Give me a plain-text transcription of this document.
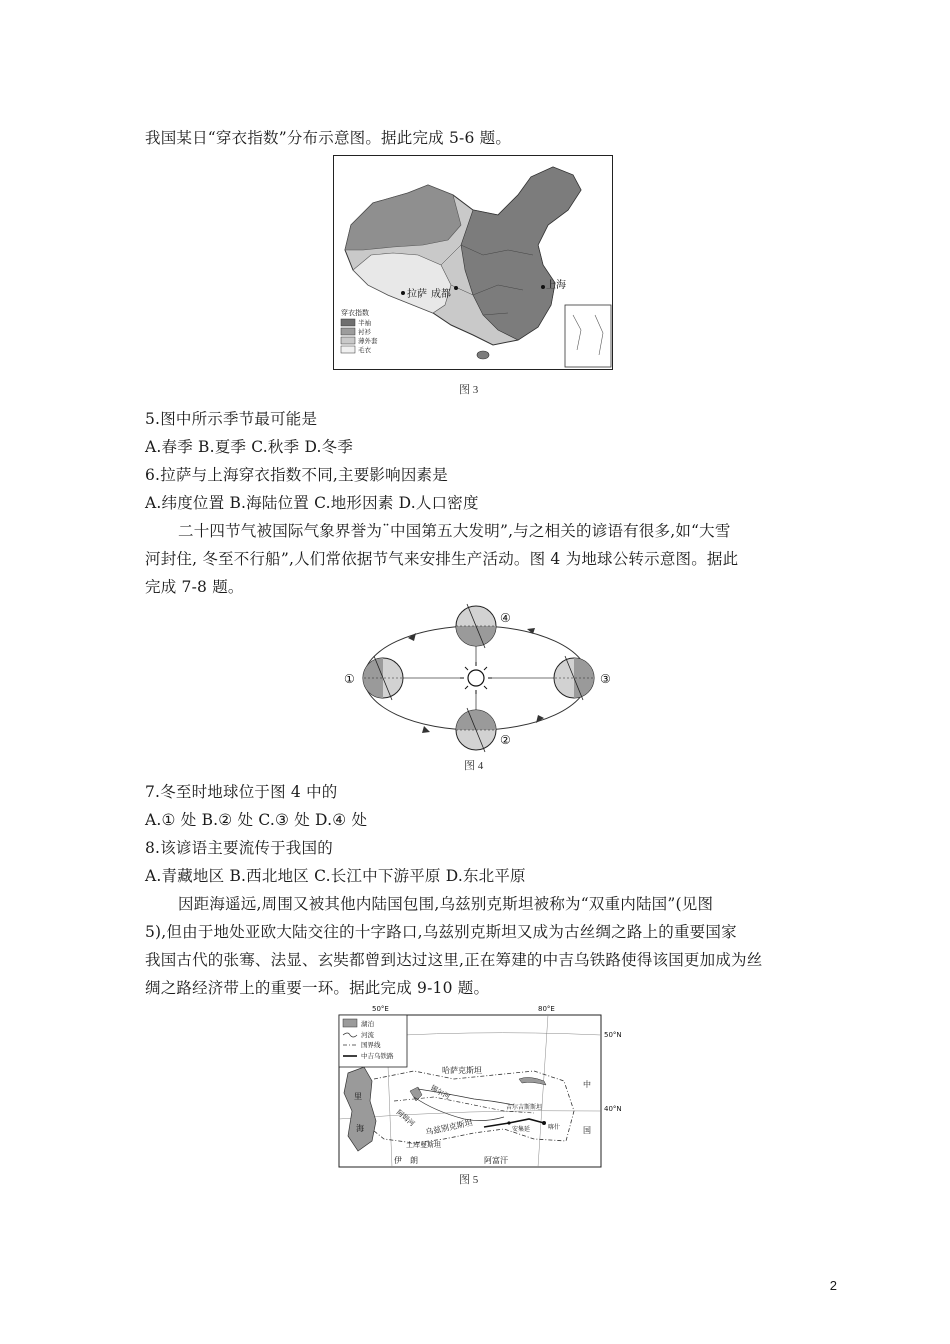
我国某日“穿衣指数”分布示意图。据此完成 5-6 题。
拉萨 成都
上海
穿衣指数
半袖
衬衫
薄外套
毛衣
图 3
5.图中所示季节最可能是
A.春季 B.夏季 C.秋季 D.冬季
6.拉萨与上海穿衣指数不同,主要影响因素是
A.纬度位置 B.海陆位置 C.地形因素 D.人口密度
二十四节气被国际气象界誉为¨中国第五大发明”,与之相关的谚语有很多,如“大雪
河封住, 冬至不行船”,人们常依据节气来安排生产活动。图 4 为地球公转示意图。据此
完成 7-8 题。
①
②
③
④
图 4
7.冬至时地球位于图 4 中的
A.① 处 B.② 处 C.③ 处 D.④ 处
8.该谚语主要流传于我国的
A.青藏地区 B.西北地区 C.长江中下游平原 D.东北平原
因距海遥远,周围又被其他内陆国包围,乌兹别克斯坦被称为“双重内陆国”(见图
5),但由于地处亚欧大陆交往的十字路口,乌兹别克斯坦又成为古丝绸之路上的重要国家
我国古代的张骞、法显、玄奘都曾到达过这里,正在筹建的中吉乌铁路使得该国更加成为丝
绸之路经济带上的重要一环。据此完成 9-10 题。
50°E	80°E
50°N
40°N
湖泊
河流
国界线
中吉乌铁路
哈萨克斯坦
中
国
乌兹别克斯坦
土库曼斯坦
伊　朗	阿富汗
吉尔吉斯斯坦
安集延	喀什
里
海
阿姆河
锡尔河
图 5
2
